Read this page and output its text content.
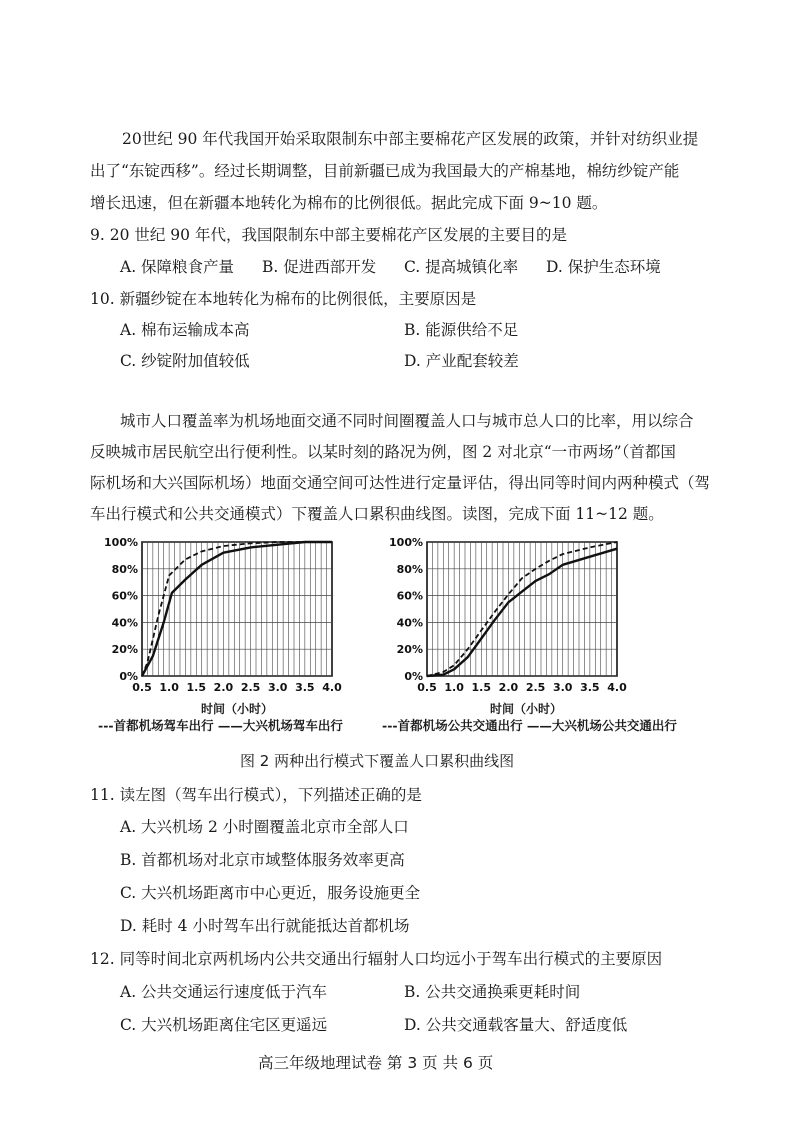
20世纪 90 年代我国开始采取限制东中部主要棉花产区发展的政策，并针对纺织业提
出了“东锭西移”。经过长期调整，目前新疆已成为我国最大的产棉基地，棉纺纱锭产能
增长迅速，但在新疆本地转化为棉布的比例很低。据此完成下面 9~10 题。
9. 20 世纪 90 年代，我国限制东中部主要棉花产区发展的主要目的是
A. 保障粮食产量 B. 促进西部开发 C. 提高城镇化率 D. 保护生态环境
10. 新疆纱锭在本地转化为棉布的比例很低，主要原因是
A. 棉布运输成本高	B. 能源供给不足
C. 纱锭附加值较低	D. 产业配套较差
城市人口覆盖率为机场地面交通不同时间圈覆盖人口与城市总人口的比率，用以综合
反映城市居民航空出行便利性。以某时刻的路况为例，图 2 对北京“一市两场”（首都国
际机场和大兴国际机场）地面交通空间可达性进行定量评估，得出同等时间内两种模式（驾
车出行模式和公共交通模式）下覆盖人口累积曲线图。读图，完成下面 11~12 题。
0%
20%
40%
60%
80%
100%
0.5 1.0 1.5 2.0 2.5 3.0 3.5 4.0
时间（小时）
0%
20%
40%
60%
80%
100%
0.5 1.0 1.5 2.0 2.5 3.0 3.5 4.0
时间（小时）
---首都机场驾车出行 ——大兴机场驾车出行	---首都机场公共交通出行 ——大兴机场公共交通出行
图 2 两种出行模式下覆盖人口累积曲线图
11. 读左图（驾车出行模式），下列描述正确的是
A. 大兴机场 2 小时圈覆盖北京市全部人口
B. 首都机场对北京市域整体服务效率更高
C. 大兴机场距离市中心更近，服务设施更全
D. 耗时 4 小时驾车出行就能抵达首都机场
12. 同等时间北京两机场内公共交通出行辐射人口均远小于驾车出行模式的主要原因
A. 公共交通运行速度低于汽车	B. 公共交通换乘更耗时间
C. 大兴机场距离住宅区更遥远	D. 公共交通载客量大、舒适度低
高三年级地理试卷 第 3 页 共 6 页
